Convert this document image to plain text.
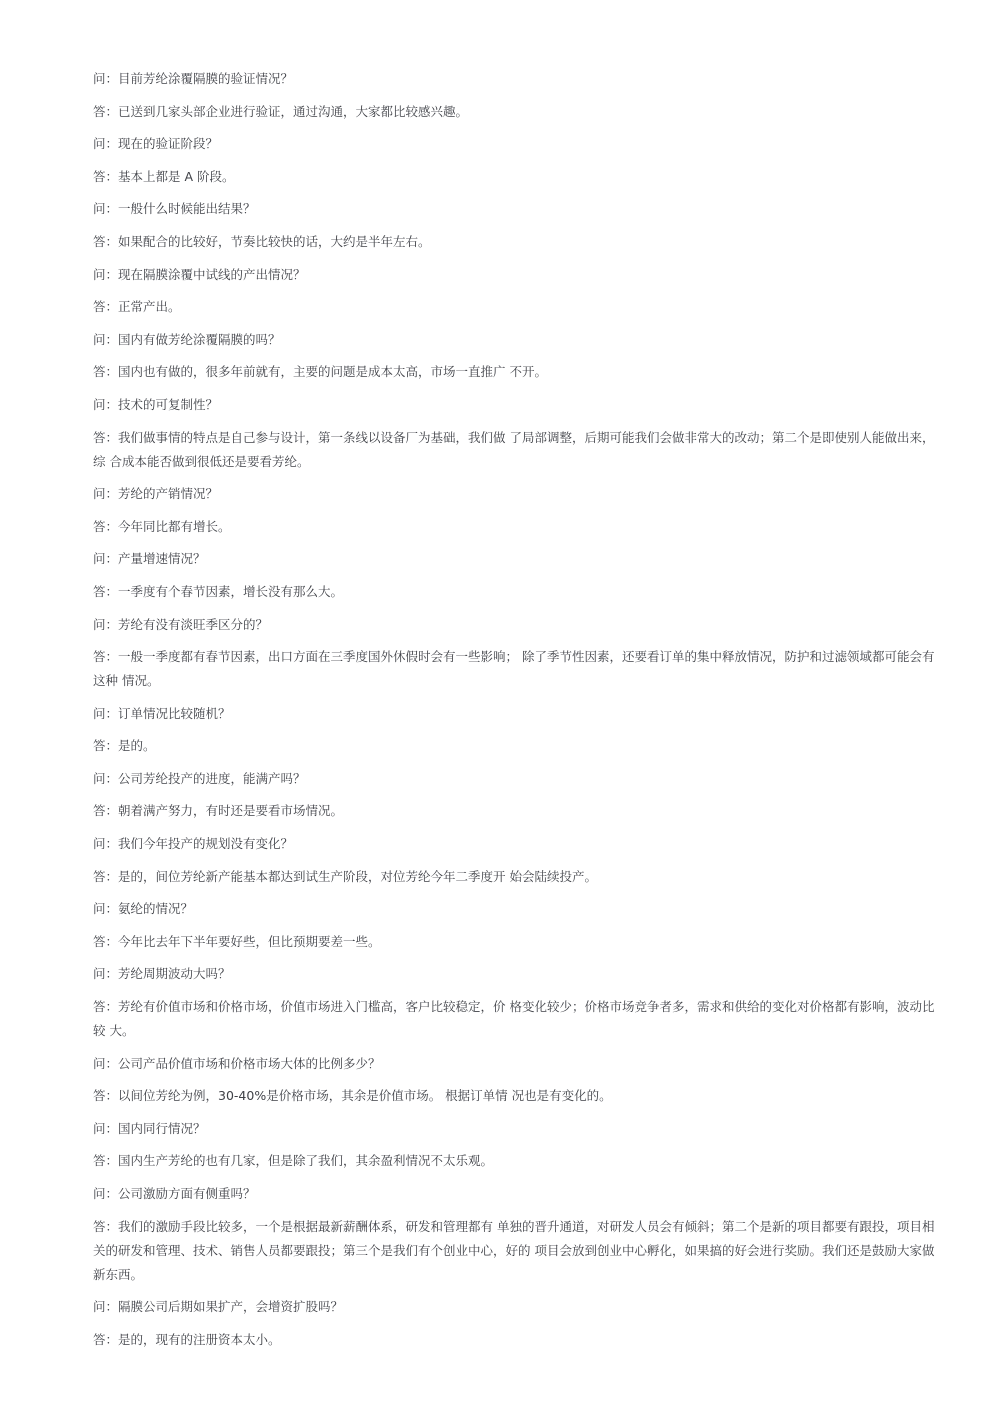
问：目前芳纶涂覆隔膜的验证情况？

答：已送到几家头部企业进行验证，通过沟通，大家都比较感兴趣。

问：现在的验证阶段？

答：基本上都是 A 阶段。

问：一般什么时候能出结果？

答：如果配合的比较好，节奏比较快的话，大约是半年左右。

问：现在隔膜涂覆中试线的产出情况？

答：正常产出。

问：国内有做芳纶涂覆隔膜的吗？

答：国内也有做的，很多年前就有，主要的问题是成本太高，市场一直推广 不开。

问：技术的可复制性？

答：我们做事情的特点是自己参与设计，第一条线以设备厂为基础，我们做 了局部调整，后期可能我们会做非常大的改动；第二个是即使别人能做出来，综 合成本能否做到很低还是要看芳纶。

问：芳纶的产销情况？

答：今年同比都有增长。

问：产量增速情况？

答：一季度有个春节因素，增长没有那么大。

问：芳纶有没有淡旺季区分的？

答：一般一季度都有春节因素，出口方面在三季度国外休假时会有一些影响； 除了季节性因素，还要看订单的集中释放情况，防护和过滤领域都可能会有这种 情况。

问：订单情况比较随机？

答：是的。

问：公司芳纶投产的进度，能满产吗？

答：朝着满产努力，有时还是要看市场情况。

问：我们今年投产的规划没有变化？

答：是的，间位芳纶新产能基本都达到试生产阶段，对位芳纶今年二季度开 始会陆续投产。

问：氨纶的情况？

答：今年比去年下半年要好些，但比预期要差一些。

问：芳纶周期波动大吗？

答：芳纶有价值市场和价格市场，价值市场进入门槛高，客户比较稳定，价 格变化较少；价格市场竞争者多，需求和供给的变化对价格都有影响，波动比较 大。

问：公司产品价值市场和价格市场大体的比例多少？

答：以间位芳纶为例，30-40%是价格市场，其余是价值市场。 根据订单情 况也是有变化的。

问：国内同行情况？

答：国内生产芳纶的也有几家，但是除了我们，其余盈利情况不太乐观。

问：公司激励方面有侧重吗？

答：我们的激励手段比较多，一个是根据最新薪酬体系，研发和管理都有 单独的晋升通道，对研发人员会有倾斜；第二个是新的项目都要有跟投，项目相 关的研发和管理、技术、销售人员都要跟投；第三个是我们有个创业中心，好的 项目会放到创业中心孵化，如果搞的好会进行奖励。我们还是鼓励大家做新东西。

问：隔膜公司后期如果扩产，会增资扩股吗？

答：是的，现有的注册资本太小。
